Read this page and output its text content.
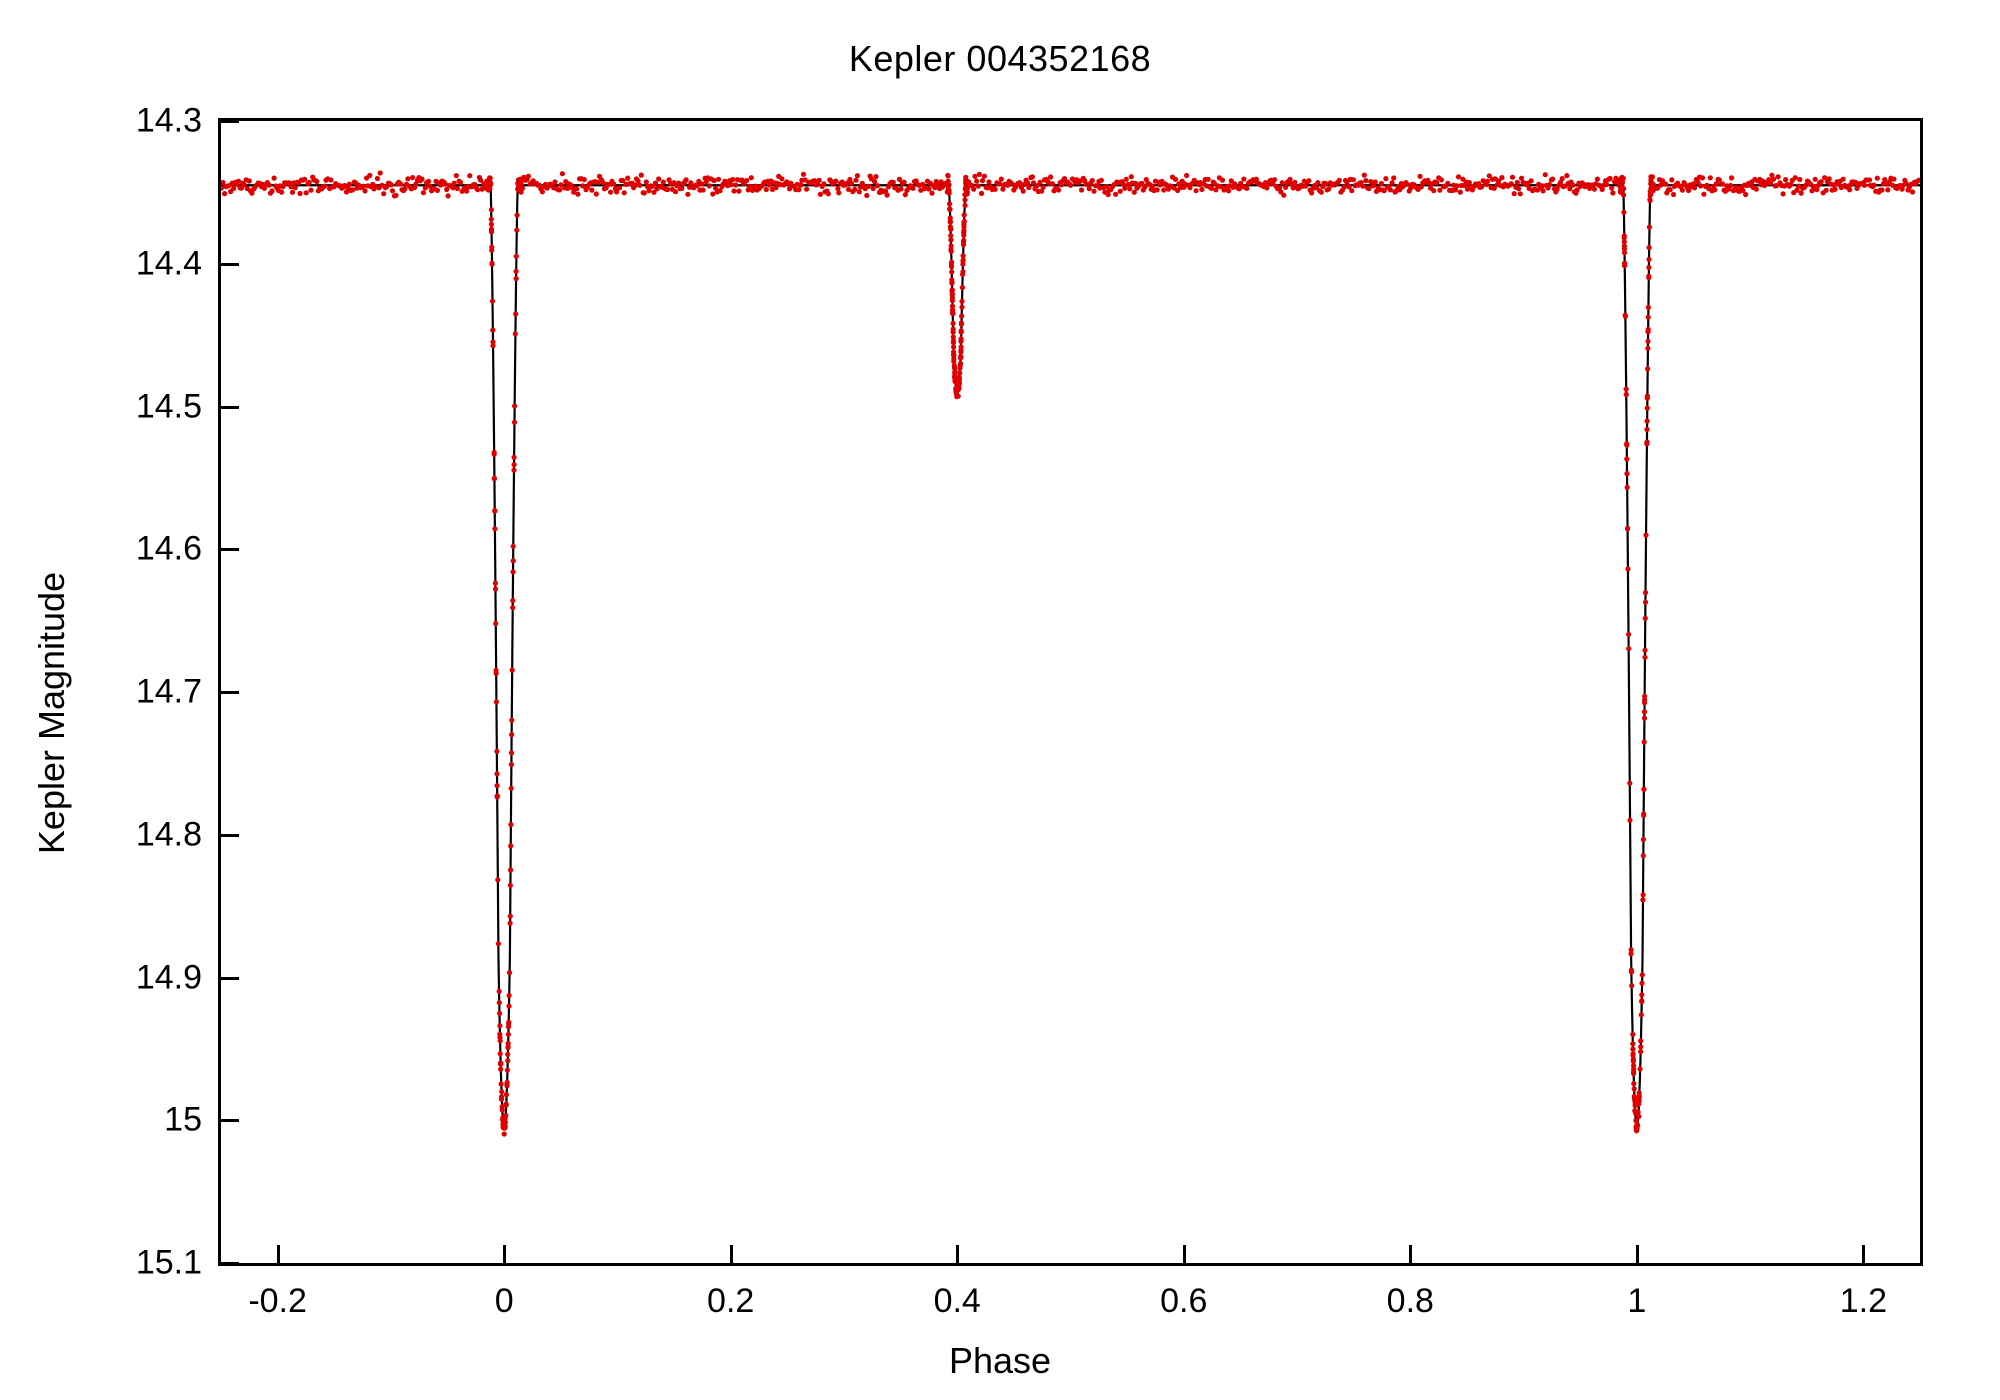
Kepler 004352168
Kepler Magnitude
Phase
14.3
14.4
14.5
14.6
14.7
14.8
14.9
15
15.1
-0.2	0	0.2	0.4	0.6	0.8	1	1.2
